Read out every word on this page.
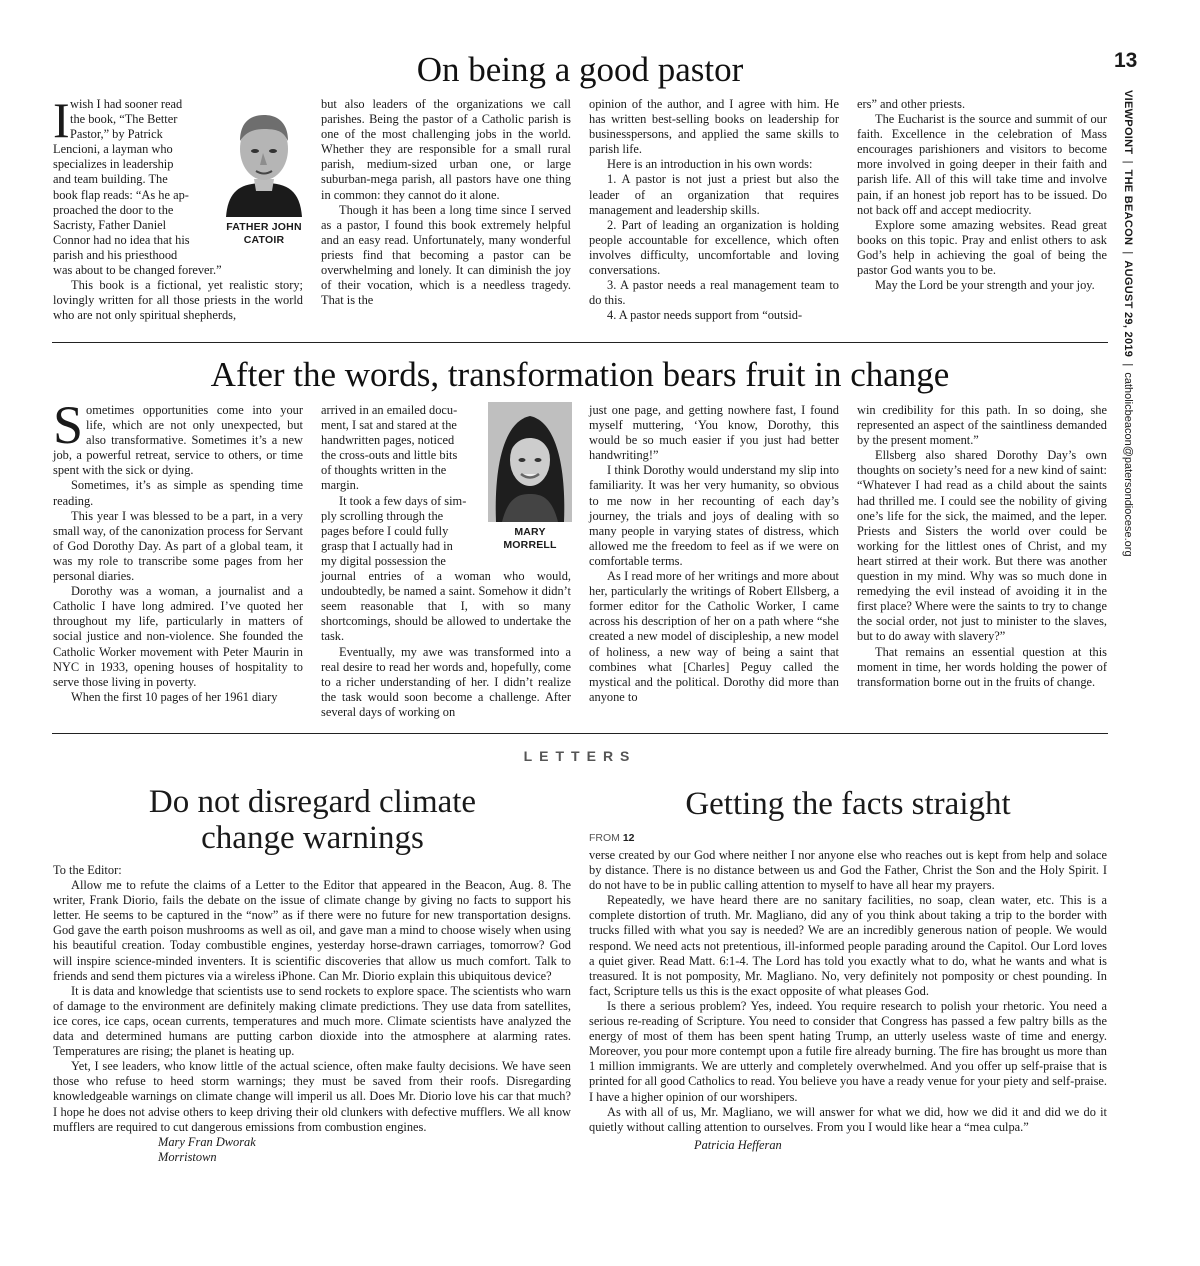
13
VIEWPOINT  |  THE BEACON  |  AUGUST 29, 2019  |  catholicbeacon@patersondiocese.org
On being a good pastor
I wish I had sooner read
the book, “The Better
Pastor,” by Patrick
Lencioni, a layman who
specializes in leadership
and team building. The
book flap reads: “As he ap-
proached the door to the
Sacristy, Father Daniel
Connor had no idea that his
parish and his priesthood
was about to be changed forever.”

This book is a fictional, yet realistic story; lovingly written for all those priests in the world who are not only spiritual shepherds,

FATHER JOHN
CATOIR

but also leaders of the organizations we call parishes. Being the pastor of a Catholic parish is one of the most challenging jobs in the world. Whether they are responsible for a small rural parish, medium-sized urban one, or large suburban-mega parish, all pastors have one thing in common: they cannot do it alone.

Though it has been a long time since I served as a pastor, I found this book extremely helpful and an easy read. Unfortunately, many wonderful priests find that becoming a pastor can be overwhelming and lonely. It can diminish the joy of their vocation, which is a needless tragedy. That is the

opinion of the author, and I agree with him. He has written best-selling books on leadership for businesspersons, and applied the same skills to parish life.

Here is an introduction in his own words:

1. A pastor is not just a priest but also the leader of an organization that requires management and leadership skills.

2. Part of leading an organization is holding people accountable for excellence, which often involves difficulty, uncomfortable and loving conversations.

3. A pastor needs a real management team to do this.

4. A pastor needs support from “outsid-

ers” and other priests.

The Eucharist is the source and summit of our faith. Excellence in the celebration of Mass encourages parishioners and visitors to become more involved in going deeper in their faith and parish life. All of this will take time and involve pain, if an honest job report has to be issued. Do not back off and accept mediocrity.

Explore some amazing websites. Read great books on this topic. Pray and enlist others to ask God’s help in achieving the goal of being the pastor God wants you to be.

May the Lord be your strength and your joy.

After the words, transformation bears fruit in change
S ometimes opportunities come into your life, which are not only unexpected, but also transformative. Sometimes it’s a new job, a powerful retreat, service to others, or time spent with the sick or dying.

Sometimes, it’s as simple as spending time reading.

This year I was blessed to be a part, in a very small way, of the canonization process for Servant of God Dorothy Day. As part of a global team, it was my role to transcribe some pages from her personal diaries.

Dorothy was a woman, a journalist and a Catholic I have long admired. I’ve quoted her throughout my life, particularly in matters of social justice and non-violence. She founded the Catholic Worker movement with Peter Maurin in NYC in 1933, opening houses of hospitality to serve those living in poverty.

When the first 10 pages of her 1961 diary

arrived in an emailed docu-
ment, I sat and stared at the
handwritten pages, noticed
the cross-outs and little bits
of thoughts written in the
margin.
It took a few days of sim-
ply scrolling through the
pages before I could fully
grasp that I actually had in
my digital possession the

journal entries of a woman who would, undoubtedly, be named a saint. Somehow it didn’t seem reasonable that I, with so many shortcomings, should be allowed to undertake the task.

Eventually, my awe was transformed into a real desire to read her words and, hopefully, come to a richer understanding of her. I didn’t realize the task would soon become a challenge. After several days of working on

MARY
MORRELL

just one page, and getting nowhere fast, I found myself muttering, ‘You know, Dorothy, this would be so much easier if you just had better handwriting!”

I think Dorothy would understand my slip into familiarity. It was her very humanity, so obvious to me now in her recounting of each day’s journey, the trials and joys of dealing with so many people in varying states of distress, which allowed me the freedom to feel as if we were on comfortable terms.

As I read more of her writings and more about her, particularly the writings of Robert Ellsberg, a former editor for the Catholic Worker, I came across his description of her on a path where “she created a new model of discipleship, a new model of holiness, a new way of being a saint that combines what [Charles] Peguy called the mystical and the political. Dorothy did more than anyone to

win credibility for this path. In so doing, she represented an aspect of the saintliness demanded by the present moment.”

Ellsberg also shared Dorothy Day’s own thoughts on society’s need for a new kind of saint: “Whatever I had read as a child about the saints had thrilled me. I could see the nobility of giving one’s life for the sick, the maimed, and the leper. Priests and Sisters the world over could be working for the littlest ones of Christ, and my heart stirred at their work. But there was another question in my mind. Why was so much done in remedying the evil instead of avoiding it in the first place? Where were the saints to try to change the social order, not just to minister to the slaves, but to do away with slavery?”

That remains an essential question at this moment in time, her words holding the power of transformation borne out in the fruits of change.

LETTERS
Do not disregard climate
change warnings

To the Editor:

Allow me to refute the claims of a Letter to the Editor that appeared in the Beacon, Aug. 8. The writer, Frank Diorio, fails the debate on the issue of climate change by giving no facts to support his letter. He seems to be captured in the “now” as if there were no future for new transportation designs. God gave the earth poison mushrooms as well as oil, and gave man a mind to choose wisely when using his beautiful creation. Today combustible engines, yesterday horse-drawn carriages, tomorrow? God will inspire science-minded inventers. It is scientific discoveries that allow us much comfort. Talk to friends and send them pictures via a wireless iPhone. Can Mr. Diorio explain this ubiquitous device?

It is data and knowledge that scientists use to send rockets to explore space. The scientists who warn of damage to the environment are definitely making climate predictions. They use data from satellites, ice cores, ice caps, ocean currents, temperatures and much more. Climate scientists have analyzed the data and determined humans are putting carbon dioxide into the atmosphere at alarming rates. Temperatures are rising; the planet is heating up.

Yet, I see leaders, who know little of the actual science, often make faulty decisions. We have seen those who refuse to heed storm warnings; they must be saved from their roofs. Disregarding knowledgeable warnings on climate change will imperil us all. Does Mr. Diorio love his car that much? I hope he does not advise others to keep driving their old clunkers with defective mufflers. We all know mufflers are required to cut dangerous emissions from combustion engines.

Mary Fran Dworak
Morristown
Getting the facts straight
FROM 12

verse created by our God where neither I nor anyone else who reaches out is kept from help and solace by distance. There is no distance between us and God the Father, Christ the Son and the Holy Spirit. I do not have to be in public calling attention to myself to have all hear my prayers.

Repeatedly, we have heard there are no sanitary facilities, no soap, clean water, etc. This is a complete distortion of truth. Mr. Magliano, did any of you think about taking a trip to the border with trucks filled with what you say is needed? We are an incredibly generous nation of people. We would respond. We need acts not pretentious, ill-informed people parading around the Capitol. Our Lord loves a quiet giver. Read Matt. 6:1-4. The Lord has told you exactly what to do, what he wants and what is treasured. It is not pomposity, Mr. Magliano. No, very definitely not pomposity or chest pounding. In fact, Scripture tells us this is the exact opposite of what pleases God.

Is there a serious problem? Yes, indeed. You require research to polish your rhetoric. You need a serious re-reading of Scripture. You need to consider that Congress has passed a few paltry bills as the energy of most of them has been spent hating Trump, an utterly useless waste of time and energy. Moreover, you pour more contempt upon a futile fire already burning. The fire has brought us more than 1 million immigrants. We are utterly and completely overwhelmed. And you offer up self-praise that is printed for all good Catholics to read. You believe you have a ready venue for your piety and self-praise. I have a higher opinion of our worshipers.

As with all of us, Mr. Magliano, we will answer for what we did, how we did it and did we do it quietly without calling attention to ourselves. From you I would like hear a “mea culpa.”

Patricia Hefferan
